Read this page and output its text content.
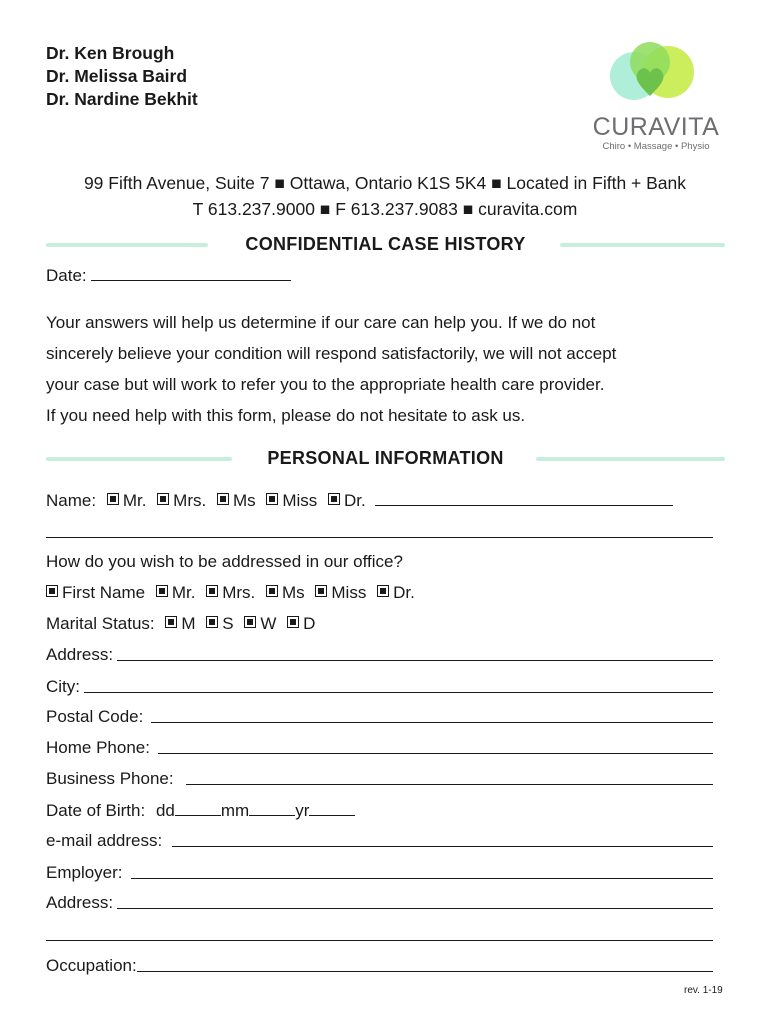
Dr. Ken Brough
Dr. Melissa Baird
Dr. Nardine Bekhit
CURAVITA
Chiro • Massage • Physio
99 Fifth Avenue, Suite 7 ■ Ottawa, Ontario K1S 5K4 ■ Located in Fifth + Bank
T 613.237.9000 ■ F 613.237.9083 ■ curavita.com
CONFIDENTIAL CASE HISTORY
Date:
Your answers will help us determine if our care can help you. If we do not
sincerely believe your condition will respond satisfactorily, we will not accept
your case but will work to refer you to the appropriate health care provider.
If you need help with this form, please do not hesitate to ask us.
PERSONAL INFORMATION
Name: Mr. Mrs. Ms Miss Dr.
How do you wish to be addressed in our office?
First Name Mr. Mrs. Ms Miss Dr.
Marital Status: M S W D
Address:
City:
Postal Code:
Home Phone:
Business Phone:
Date of Birth: dd	mm	yr
e-mail address:
Employer:
Address:
Occupation:
rev. 1-19
